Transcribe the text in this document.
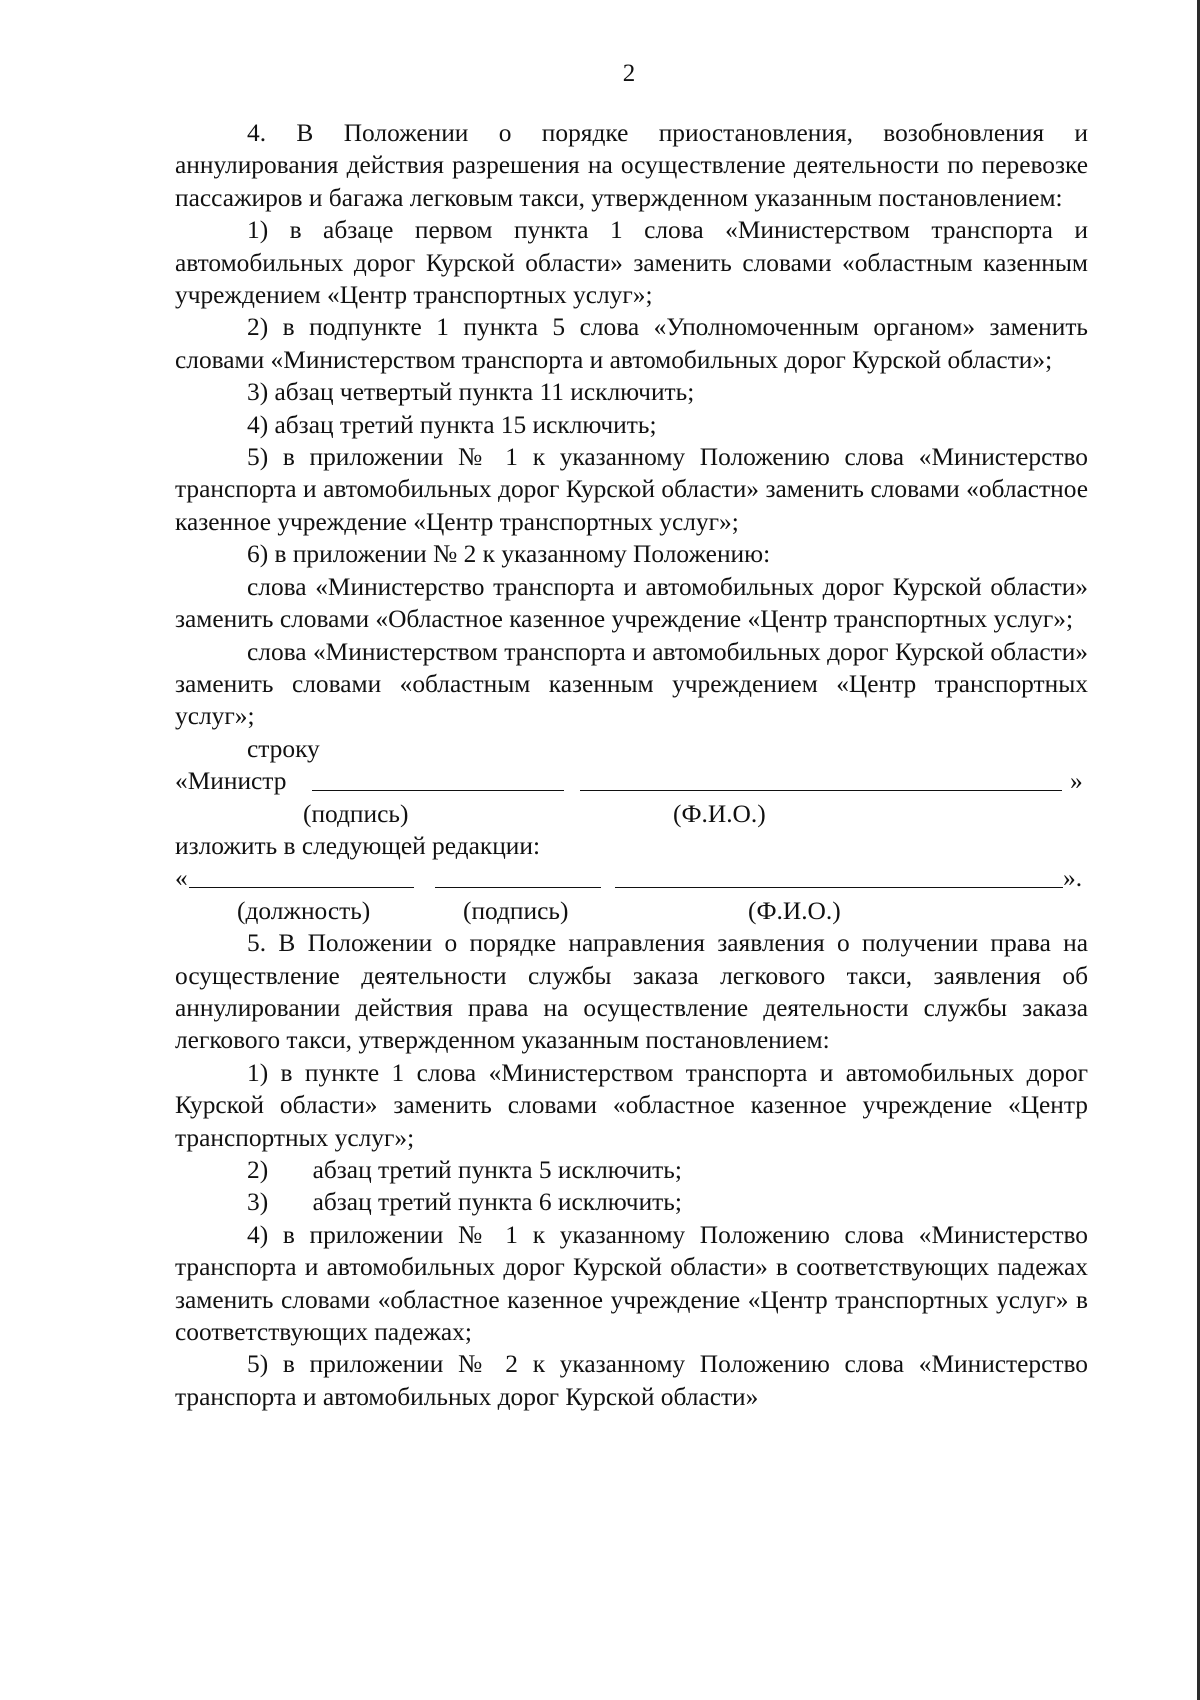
2

4. В Положении о порядке приостановления, возобновления и аннулирования действия разрешения на осуществление деятельности по перевозке пассажиров и багажа легковым такси, утвержденном указанным постановлением:

1) в абзаце первом пункта 1 слова «Министерством транспорта и автомобильных дорог Курской области» заменить словами «областным казенным учреждением «Центр транспортных услуг»;

2) в подпункте 1 пункта 5 слова «Уполномоченным органом» заменить словами «Министерством транспорта и автомобильных дорог Курской области»;

3) абзац четвертый пункта 11 исключить;

4) абзац третий пункта 15 исключить;

5) в приложении № 1 к указанному Положению слова «Министерство транспорта и автомобильных дорог Курской области» заменить словами «областное казенное учреждение «Центр транспортных услуг»;

6) в приложении № 2 к указанному Положению:

слова «Министерство транспорта и автомобильных дорог Курской области» заменить словами «Областное казенное учреждение «Центр транспортных услуг»;

слова «Министерством транспорта и автомобильных дорог Курской области» заменить словами «областным казенным учреждением «Центр транспортных услуг»;

строку

«Министр	»
(подпись)	(Ф.И.О.)

изложить в следующей редакции:

«	».
(должность)	(подпись)	(Ф.И.О.)

5. В Положении о порядке направления заявления о получении права на осуществление деятельности службы заказа легкового такси, заявления об аннулировании действия права на осуществление деятельности службы заказа легкового такси, утвержденном указанным постановлением:

1) в пункте 1 слова «Министерством транспорта и автомобильных дорог Курской области» заменить словами «областное казенное учреждение «Центр транспортных услуг»;

2)       абзац третий пункта 5 исключить;

3)       абзац третий пункта 6 исключить;

4) в приложении № 1 к указанному Положению слова «Министерство транспорта и автомобильных дорог Курской области» в соответствующих падежах заменить словами «областное казенное учреждение «Центр транспортных услуг» в соответствующих падежах;

5) в приложении № 2 к указанному Положению слова «Министерство транспорта и автомобильных дорог Курской области»
